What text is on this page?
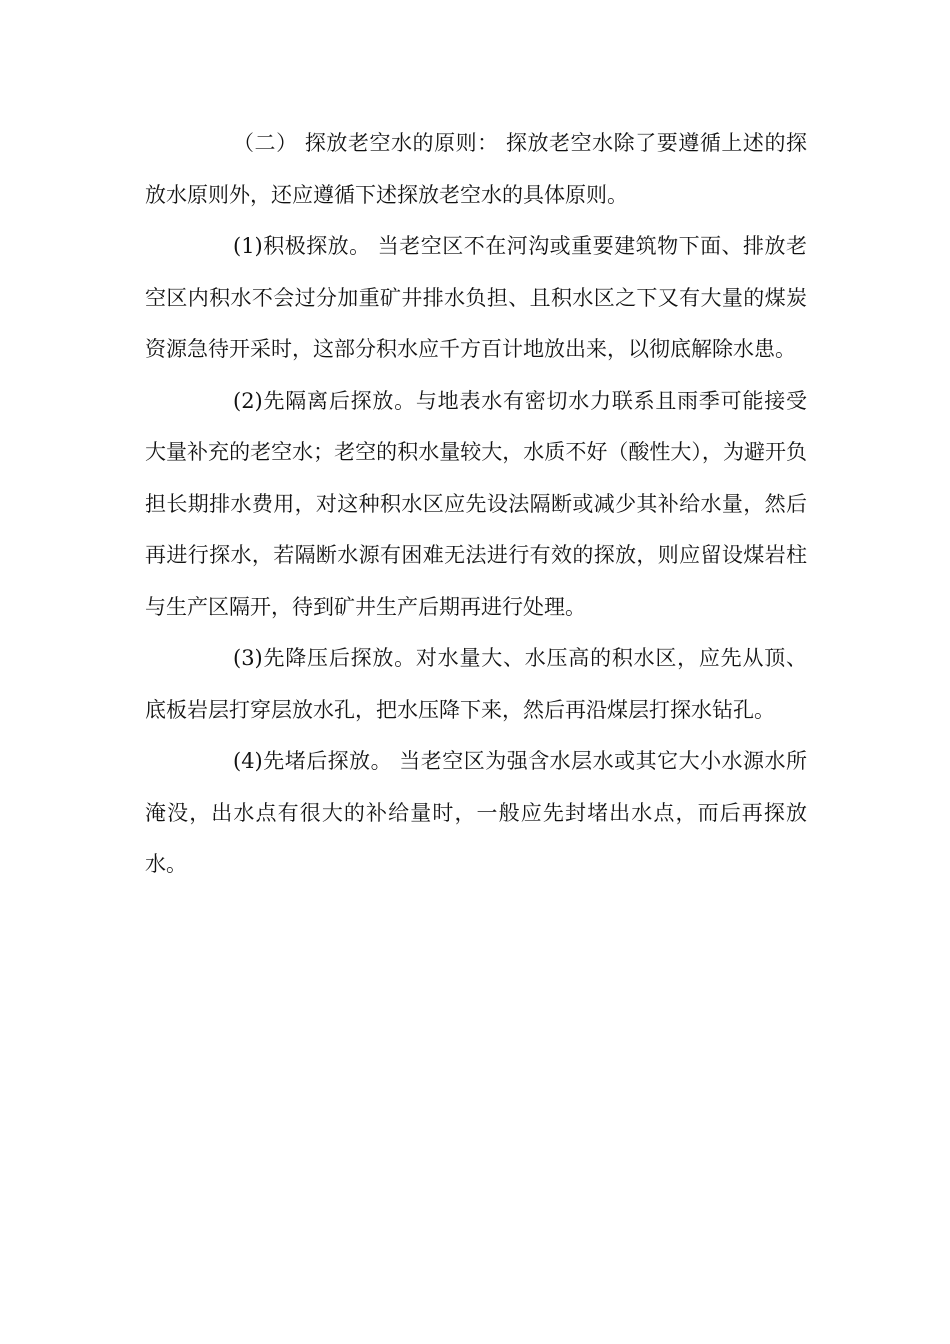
（二） 探放老空水的原则： 探放老空水除了要遵循上述的探放水原则外，还应遵循下述探放老空水的具体原则。

(1)积极探放。 当老空区不在河沟或重要建筑物下面、排放老空区内积水不会过分加重矿井排水负担、且积水区之下又有大量的煤炭资源急待开采时，这部分积水应千方百计地放出来，以彻底解除水患。

(2)先隔离后探放。与地表水有密切水力联系且雨季可能接受大量补充的老空水；老空的积水量较大，水质不好（酸性大），为避开负担长期排水费用，对这种积水区应先设法隔断或减少其补给水量，然后再进行探水，若隔断水源有困难无法进行有效的探放，则应留设煤岩柱与生产区隔开，待到矿井生产后期再进行处理。

(3)先降压后探放。对水量大、水压高的积水区，应先从顶、底板岩层打穿层放水孔，把水压降下来，然后再沿煤层打探水钻孔。

(4)先堵后探放。 当老空区为强含水层水或其它大小水源水所淹没，出水点有很大的补给量时，一般应先封堵出水点，而后再探放水。
